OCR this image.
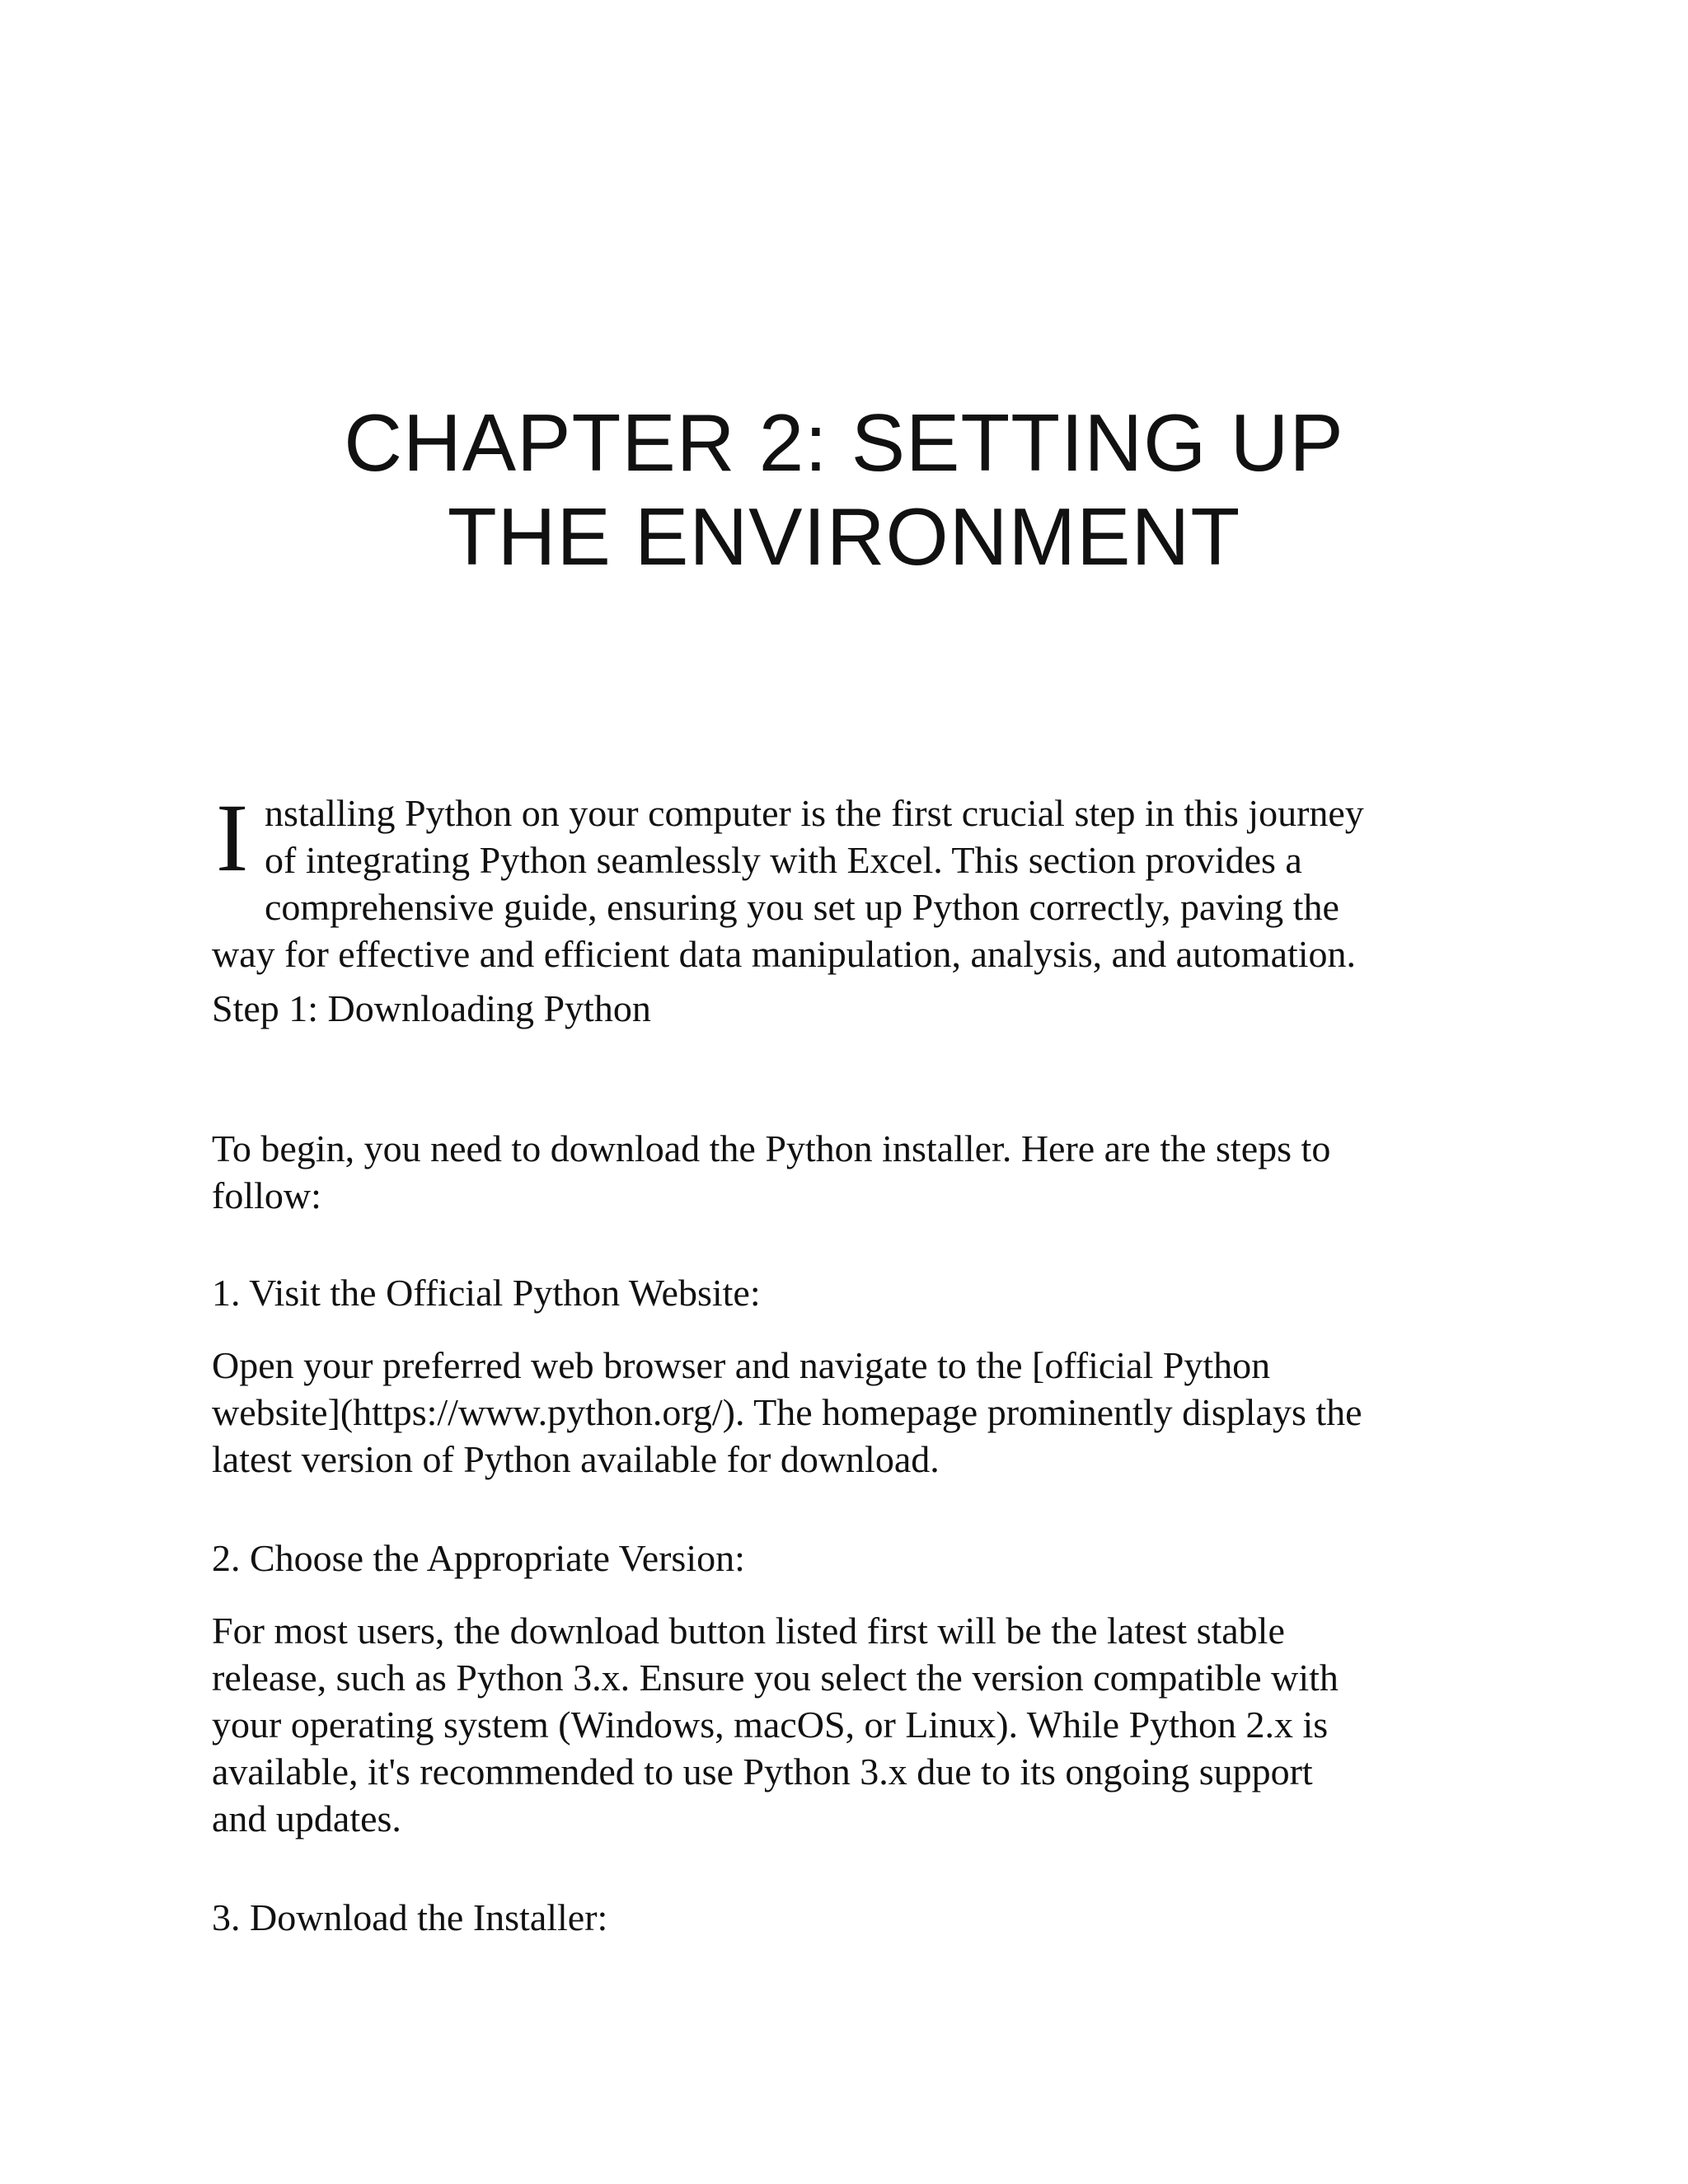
CHAPTER 2: SETTING UP
THE ENVIRONMENT
I nstalling Python on your computer is the first crucial step in this journey
of integrating Python seamlessly with Excel. This section provides a
comprehensive guide, ensuring you set up Python correctly, paving the
way for effective and efficient data manipulation, analysis, and automation.

Step 1: Downloading Python

To begin, you need to download the Python installer. Here are the steps to
follow:

1. Visit the Official Python Website:

Open your preferred web browser and navigate to the [official Python
website](https://www.python.org/). The homepage prominently displays the
latest version of Python available for download.

2. Choose the Appropriate Version:

For most users, the download button listed first will be the latest stable
release, such as Python 3.x. Ensure you select the version compatible with
your operating system (Windows, macOS, or Linux). While Python 2.x is
available, it's recommended to use Python 3.x due to its ongoing support
and updates.

3. Download the Installer:
